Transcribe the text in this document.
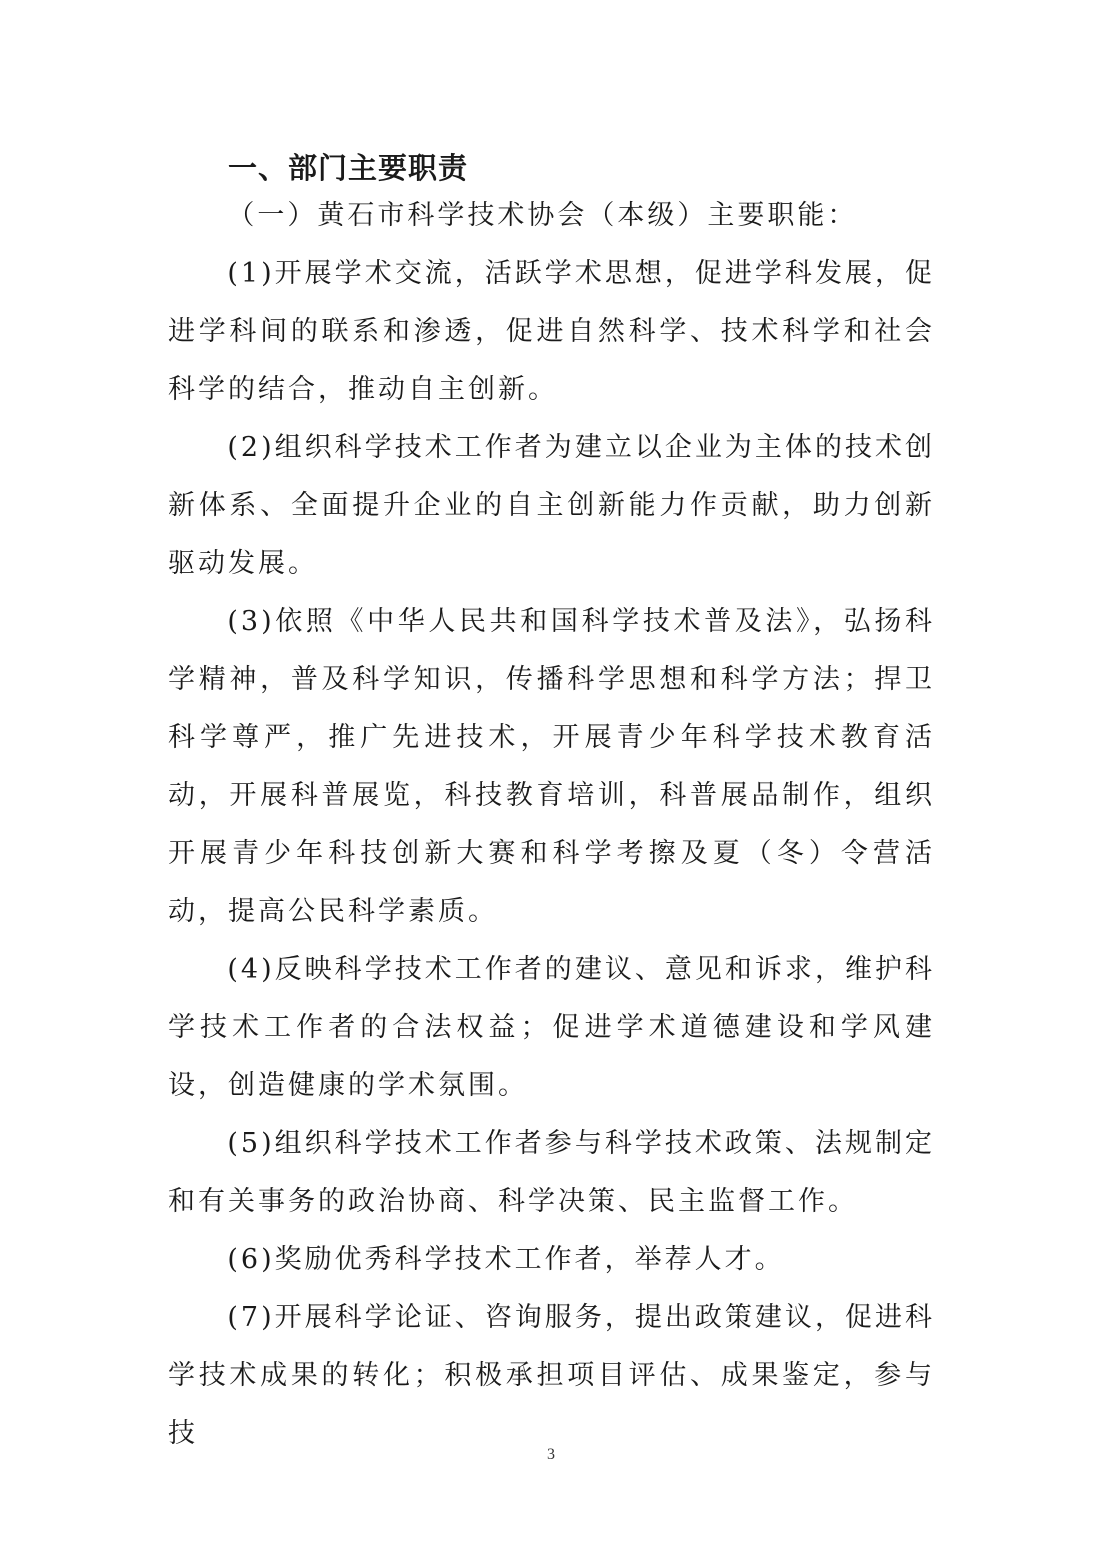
一、部门主要职责

（一）黄石市科学技术协会（本级）主要职能：

(1)开展学术交流，活跃学术思想，促进学科发展，促进学科间的联系和渗透，促进自然科学、技术科学和社会科学的结合，推动自主创新。

(2)组织科学技术工作者为建立以企业为主体的技术创新体系、全面提升企业的自主创新能力作贡献，助力创新驱动发展。

(3)依照《中华人民共和国科学技术普及法》，弘扬科学精神，普及科学知识，传播科学思想和科学方法；捍卫科学尊严，推广先进技术，开展青少年科学技术教育活动，开展科普展览，科技教育培训，科普展品制作，组织开展青少年科技创新大赛和科学考擦及夏（冬）令营活动，提高公民科学素质。

(4)反映科学技术工作者的建议、意见和诉求，维护科学技术工作者的合法权益；促进学术道德建设和学风建设，创造健康的学术氛围。

(5)组织科学技术工作者参与科学技术政策、法规制定和有关事务的政治协商、科学决策、民主监督工作。

(6)奖励优秀科学技术工作者，举荐人才。

(7)开展科学论证、咨询服务，提出政策建议，促进科学技术成果的转化；积极承担项目评估、成果鉴定，参与技

3
